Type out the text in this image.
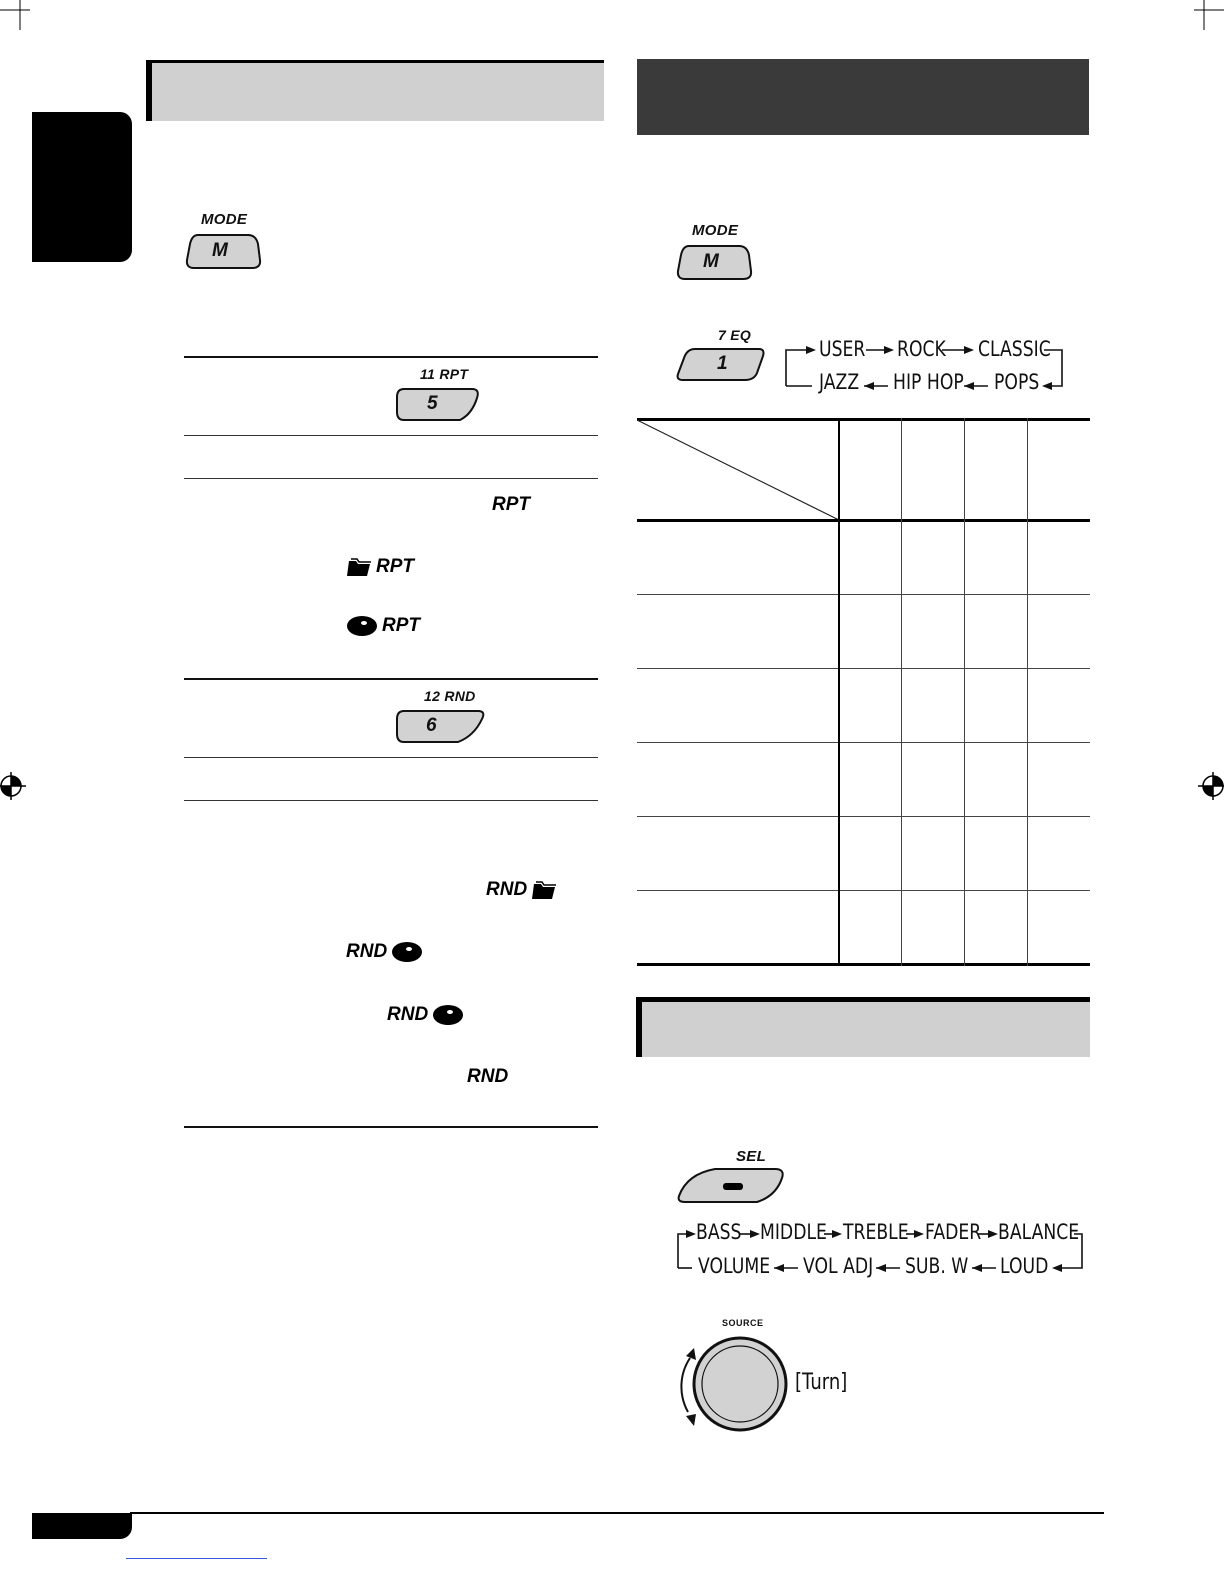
MODE
M
11 RPT
5
RPT
RPT
RPT
12 RND
6
RND
RND
RND
RND
MODE
M
7 EQ
1
USER ROCK CLASSIC
JAZZ HIP HOP POPS
SEL
BASS MIDDLE TREBLE FADER BALANCE
VOLUME VOL ADJ SUB. W LOUD
SOURCE
[Turn]
